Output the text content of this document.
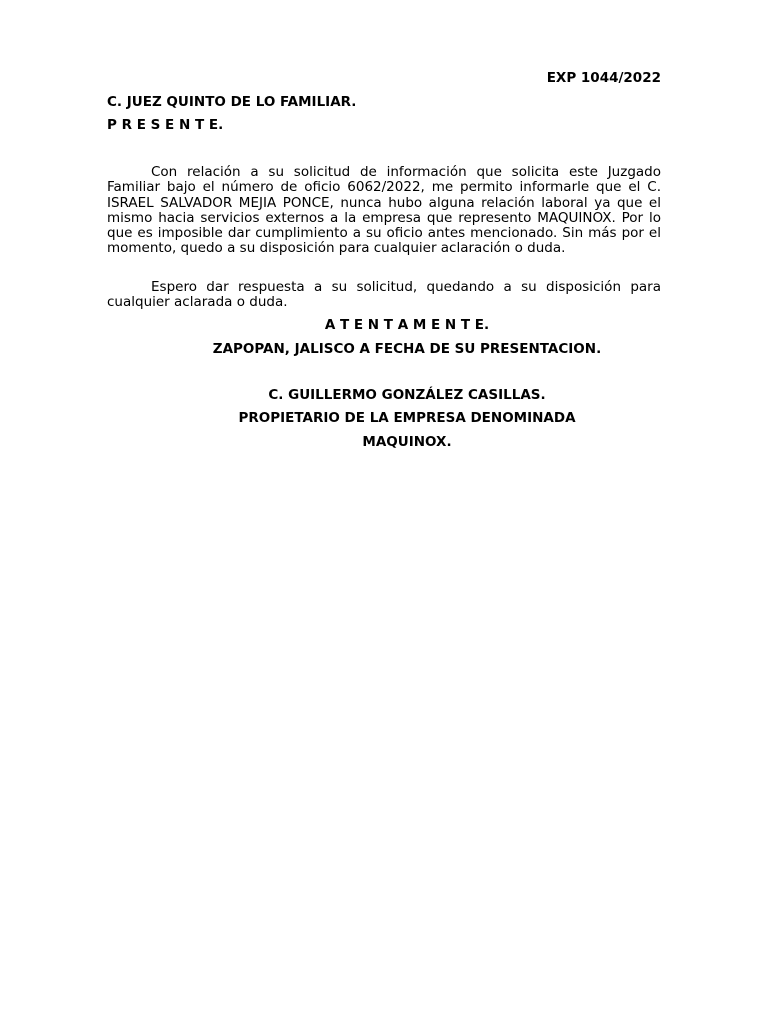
EXP 1044/2022
C. JUEZ QUINTO DE LO FAMILIAR.
P R E S E N T E.

Con relación a su solicitud de información que solicita este Juzgado Familiar bajo el número de oficio 6062/2022, me permito informarle que el C. ISRAEL SALVADOR MEJIA PONCE, nunca hubo alguna relación laboral ya que el mismo hacia servicios externos a la empresa que represento MAQUINOX. Por lo que es imposible dar cumplimiento a su oficio antes mencionado. Sin más por el momento, quedo a su disposición para cualquier aclaración o duda.

Espero dar respuesta a su solicitud, quedando a su disposición para cualquier aclarada o duda.

A T E N T A M E N T E.
ZAPOPAN, JALISCO A FECHA DE SU PRESENTACION.
C. GUILLERMO GONZÁLEZ CASILLAS.
PROPIETARIO DE LA EMPRESA DENOMINADA
MAQUINOX.
